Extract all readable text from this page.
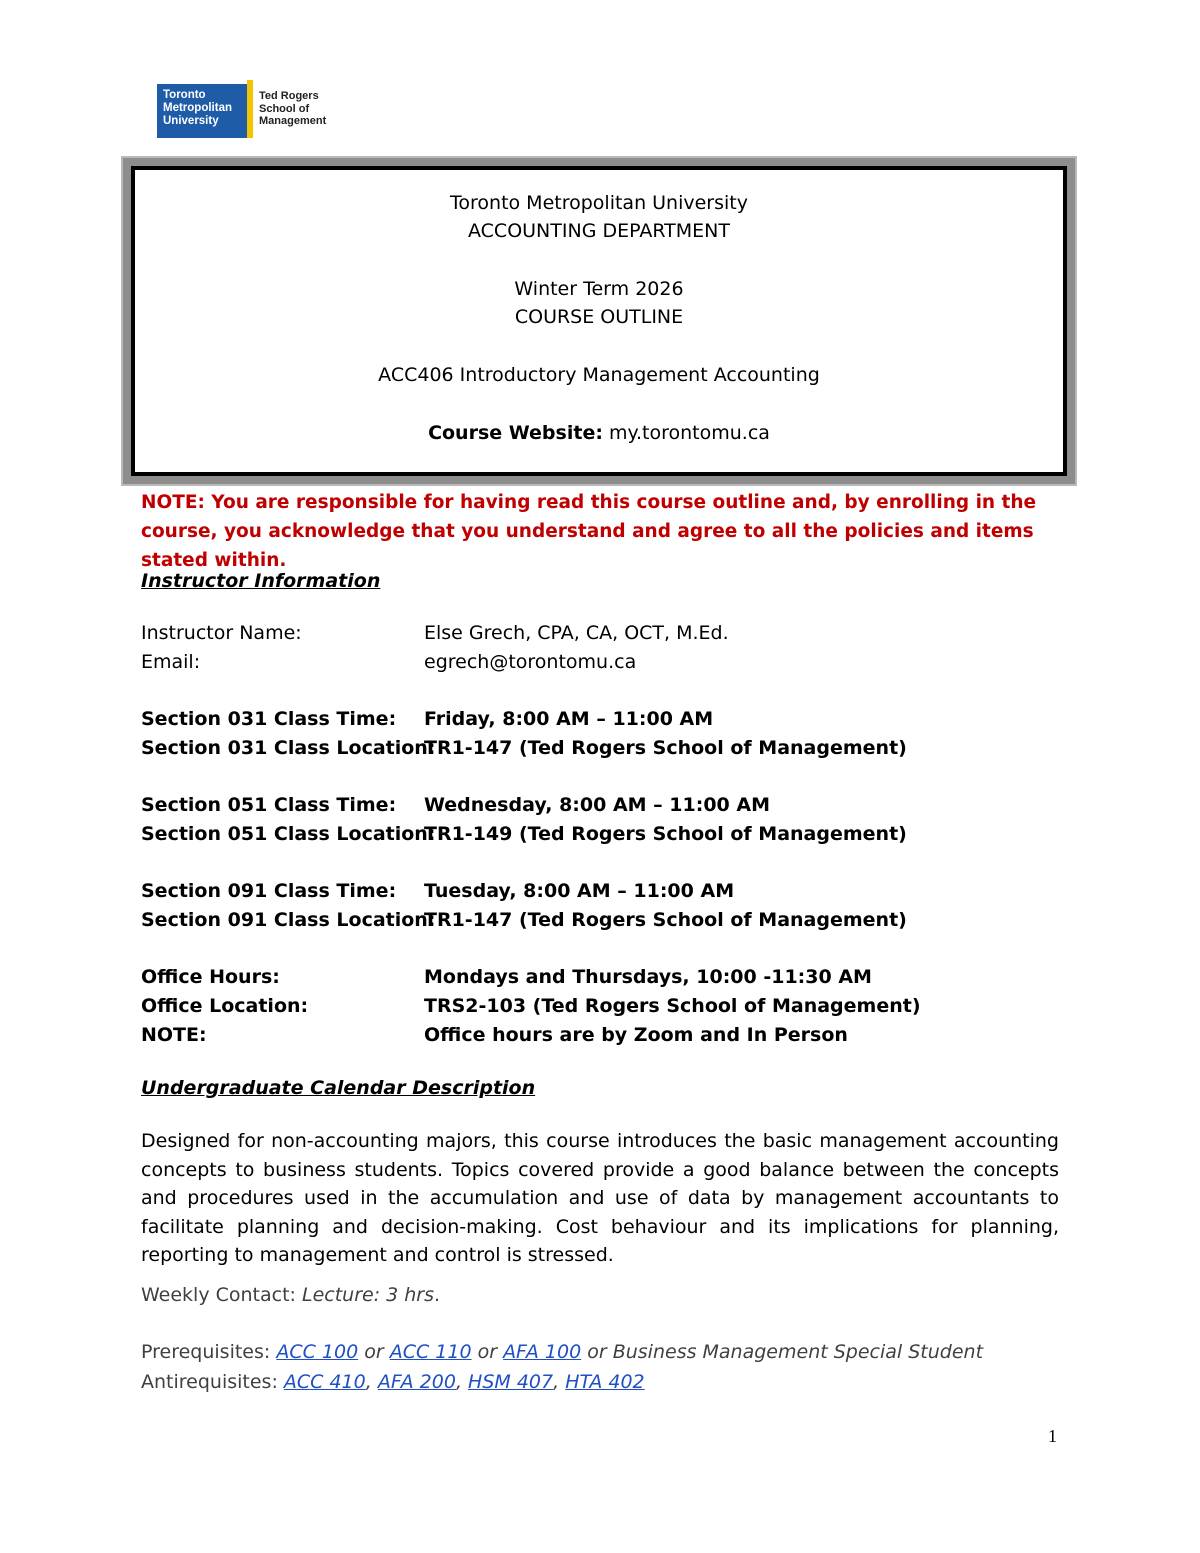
Toronto
Metropolitan
University
Ted Rogers
School of
Management
Toronto Metropolitan University
ACCOUNTING DEPARTMENT
Winter Term 2026
COURSE OUTLINE
ACC406 Introductory Management Accounting
Course Website: my.torontomu.ca
NOTE: You are responsible for having read this course outline and, by enrolling in the course, you acknowledge that you understand and agree to all the policies and items stated within.
Instructor Information
Instructor Name:	Else Grech, CPA, CA, OCT, M.Ed.
Email:	egrech@torontomu.ca
Section 031 Class Time: Friday, 8:00 AM – 11:00 AM
Section 031 Class Location:
TR1-147 (Ted Rogers School of Management)
Section 051 Class Time: Wednesday, 8:00 AM – 11:00 AM
Section 051 Class Location:
TR1-149 (Ted Rogers School of Management)
Section 091 Class Time: Tuesday, 8:00 AM – 11:00 AM
Section 091 Class Location:
TR1-147 (Ted Rogers School of Management)
Office Hours:	Mondays and Thursdays, 10:00 -11:30 AM
Office Location:	TRS2-103 (Ted Rogers School of Management)
NOTE:	Office hours are by Zoom and In Person
Undergraduate Calendar Description
Designed for non-accounting majors, this course introduces the basic management accounting concepts to business students. Topics covered provide a good balance between the concepts and procedures used in the accumulation and use of data by management accountants to facilitate planning and decision-making. Cost behaviour and its implications for planning, reporting to management and control is stressed.
Weekly Contact: Lecture: 3 hrs.
Prerequisites: ACC 100 or ACC 110 or AFA 100 or Business Management Special Student
Antirequisites: ACC 410, AFA 200, HSM 407, HTA 402
1
